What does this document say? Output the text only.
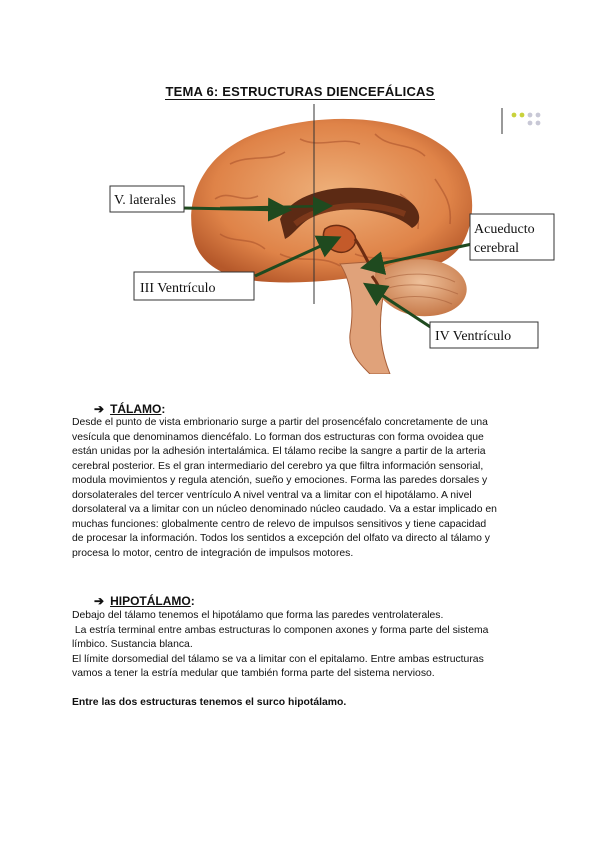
TEMA 6: ESTRUCTURAS DIENCEFÁLICAS
V. laterales
Acueducto
cerebral
III Ventrículo
IV Ventrículo
➔ TÁLAMO:
Desde el punto de vista embrionario surge a partir del prosencéfalo concretamente de una
vesícula que denominamos diencéfalo. Lo forman dos estructuras con forma ovoidea que
están unidas por la adhesión intertalámica. El tálamo recibe la sangre a partir de la arteria
cerebral posterior. Es el gran intermediario del cerebro ya que filtra información sensorial,
modula movimientos y regula atención, sueño y emociones. Forma las paredes dorsales y
dorsolaterales del tercer ventrículo A nivel ventral va a limitar con el hipotálamo. A nivel
dorsolateral va a limitar con un núcleo denominado núcleo caudado. Va a estar implicado en
muchas funciones: globalmente centro de relevo de impulsos sensitivos y tiene capacidad
de procesar la información. Todos los sentidos a excepción del olfato va directo al tálamo y
procesa lo motor, centro de integración de impulsos motores.
➔ HIPOTÁLAMO:
Debajo del tálamo tenemos el hipotálamo que forma las paredes ventrolaterales.
La estría terminal entre ambas estructuras lo componen axones y forma parte del sistema
límbico. Sustancia blanca.
El límite dorsomedial del tálamo se va a limitar con el epitalamo. Entre ambas estructuras
vamos a tener la estría medular que también forma parte del sistema nervioso.
Entre las dos estructuras tenemos el surco hipotálamo.
